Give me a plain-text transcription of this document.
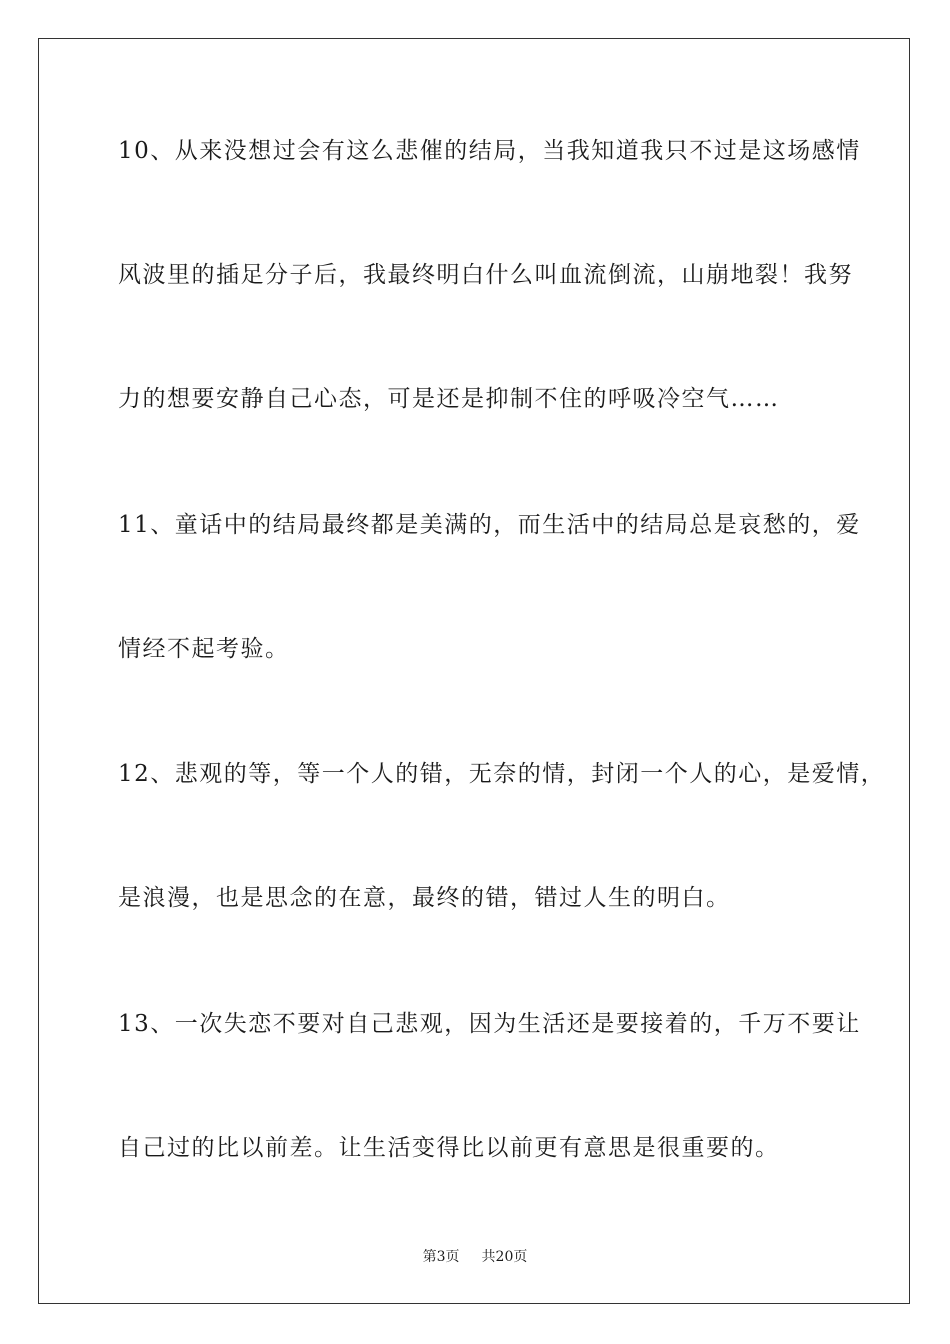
10、从来没想过会有这么悲催的结局，当我知道我只不过是这场感情
风波里的插足分子后，我最终明白什么叫血流倒流，山崩地裂！我努
力的想要安静自己心态，可是还是抑制不住的呼吸冷空气……
11、童话中的结局最终都是美满的，而生活中的结局总是哀愁的，爱
情经不起考验。
12、悲观的等，等一个人的错，无奈的情，封闭一个人的心，是爱情，
是浪漫，也是思念的在意，最终的错，错过人生的明白。
13、一次失恋不要对自己悲观，因为生活还是要接着的，千万不要让
自己过的比以前差。让生活变得比以前更有意思是很重要的。
第3页 共20页
